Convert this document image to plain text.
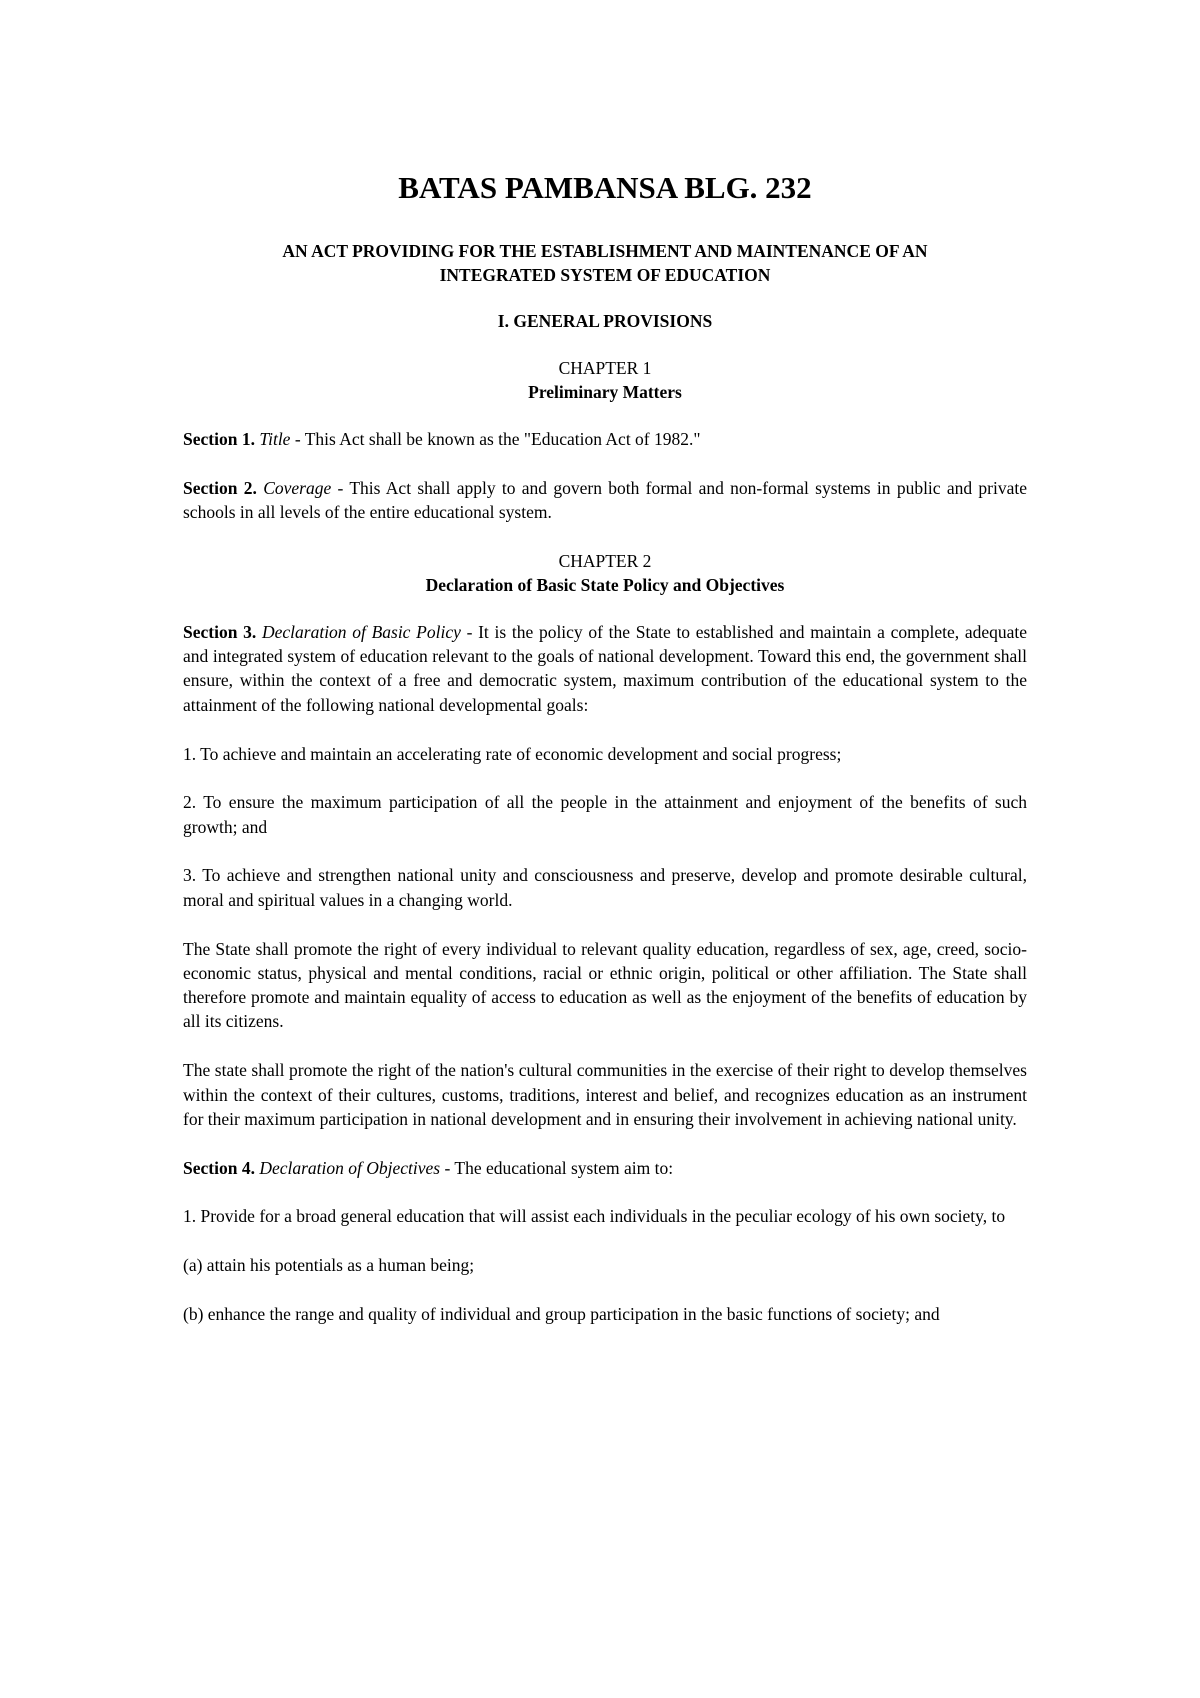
BATAS PAMBANSA BLG. 232
AN ACT PROVIDING FOR THE ESTABLISHMENT AND MAINTENANCE OF AN
INTEGRATED SYSTEM OF EDUCATION
I. GENERAL PROVISIONS
CHAPTER 1
Preliminary Matters

Section 1. Title - This Act shall be known as the "Education Act of 1982."

Section 2. Coverage - This Act shall apply to and govern both formal and non-formal systems in public and private schools in all levels of the entire educational system.

CHAPTER 2
Declaration of Basic State Policy and Objectives

Section 3. Declaration of Basic Policy - It is the policy of the State to established and maintain a complete, adequate and integrated system of education relevant to the goals of national development. Toward this end, the government shall ensure, within the context of a free and democratic system, maximum contribution of the educational system to the attainment of the following national developmental goals:

1. To achieve and maintain an accelerating rate of economic development and social progress;

2. To ensure the maximum participation of all the people in the attainment and enjoyment of the benefits of such growth; and

3. To achieve and strengthen national unity and consciousness and preserve, develop and promote desirable cultural, moral and spiritual values in a changing world.

The State shall promote the right of every individual to relevant quality education, regardless of sex, age, creed, socio-economic status, physical and mental conditions, racial or ethnic origin, political or other affiliation. The State shall therefore promote and maintain equality of access to education as well as the enjoyment of the benefits of education by all its citizens.

The state shall promote the right of the nation's cultural communities in the exercise of their right to develop themselves within the context of their cultures, customs, traditions, interest and belief, and recognizes education as an instrument for their maximum participation in national development and in ensuring their involvement in achieving national unity.

Section 4. Declaration of Objectives - The educational system aim to:

1. Provide for a broad general education that will assist each individuals in the peculiar ecology of his own society, to

(a) attain his potentials as a human being;

(b) enhance the range and quality of individual and group participation in the basic functions of society; and
